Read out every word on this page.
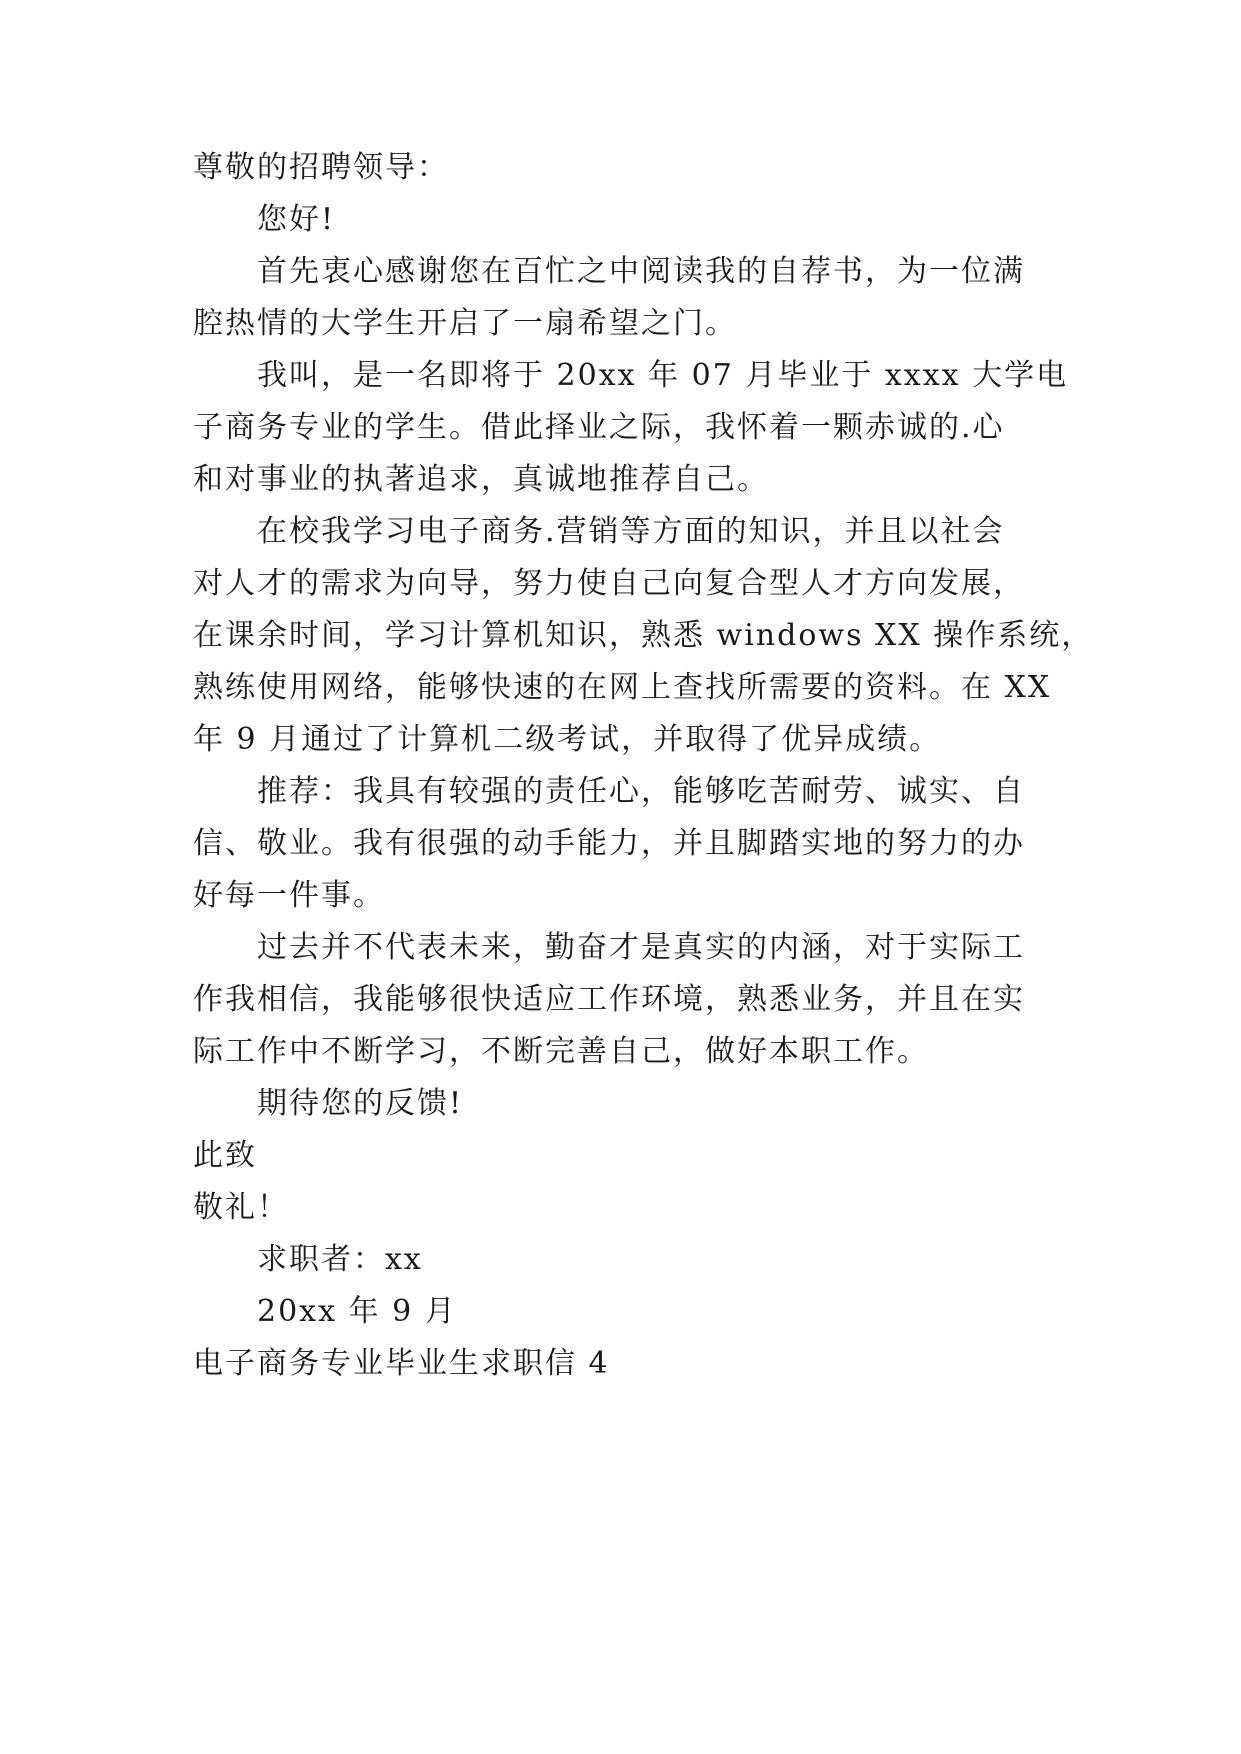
尊敬的招聘领导：
您好!
首先衷心感谢您在百忙之中阅读我的自荐书，为一位满
腔热情的大学生开启了一扇希望之门。
我叫，是一名即将于 20xx 年 07 月毕业于 xxxx 大学电
子商务专业的学生。借此择业之际，我怀着一颗赤诚的.心
和对事业的执著追求，真诚地推荐自己。
在校我学习电子商务.营销等方面的知识，并且以社会
对人才的需求为向导，努力使自己向复合型人才方向发展，
在课余时间，学习计算机知识，熟悉 windows XX 操作系统，
熟练使用网络，能够快速的在网上查找所需要的资料。在 XX
年 9 月通过了计算机二级考试，并取得了优异成绩。
推荐：我具有较强的责任心，能够吃苦耐劳、诚实、自
信、敬业。我有很强的动手能力，并且脚踏实地的努力的办
好每一件事。
过去并不代表未来，勤奋才是真实的内涵，对于实际工
作我相信，我能够很快适应工作环境，熟悉业务，并且在实
际工作中不断学习，不断完善自己，做好本职工作。
期待您的反馈!
此致
敬礼！
求职者：xx
20xx 年 9 月
电子商务专业毕业生求职信 4
